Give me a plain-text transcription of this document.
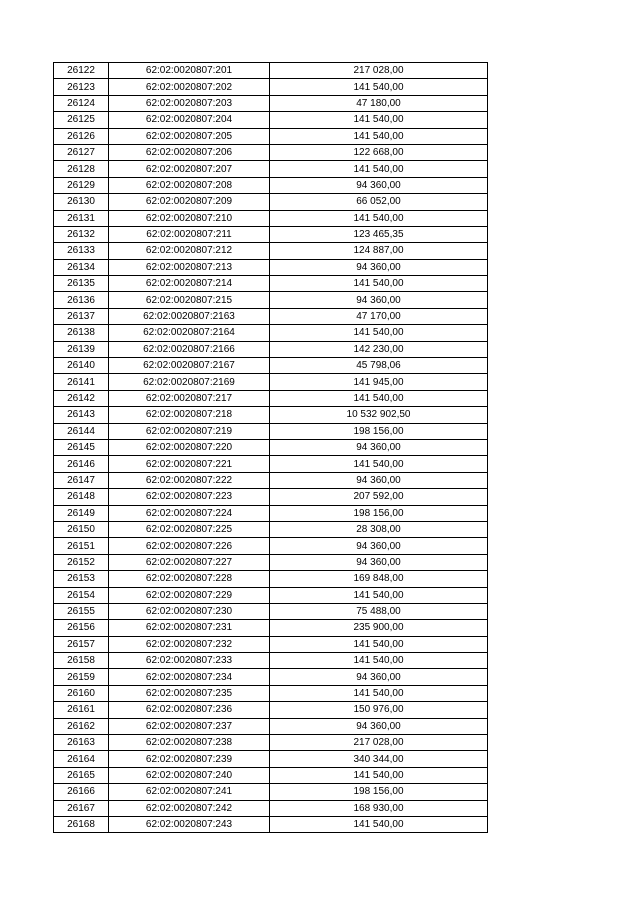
26122	62:02:0020807:201	217 028,00
26123	62:02:0020807:202	141 540,00
26124	62:02:0020807:203	47 180,00
26125	62:02:0020807:204	141 540,00
26126	62:02:0020807:205	141 540,00
26127	62:02:0020807:206	122 668,00
26128	62:02:0020807:207	141 540,00
26129	62:02:0020807:208	94 360,00
26130	62:02:0020807:209	66 052,00
26131	62:02:0020807:210	141 540,00
26132	62:02:0020807:211	123 465,35
26133	62:02:0020807:212	124 887,00
26134	62:02:0020807:213	94 360,00
26135	62:02:0020807:214	141 540,00
26136	62:02:0020807:215	94 360,00
26137	62:02:0020807:2163	47 170,00
26138	62:02:0020807:2164	141 540,00
26139	62:02:0020807:2166	142 230,00
26140	62:02:0020807:2167	45 798,06
26141	62:02:0020807:2169	141 945,00
26142	62:02:0020807:217	141 540,00
26143	62:02:0020807:218	10 532 902,50
26144	62:02:0020807:219	198 156,00
26145	62:02:0020807:220	94 360,00
26146	62:02:0020807:221	141 540,00
26147	62:02:0020807:222	94 360,00
26148	62:02:0020807:223	207 592,00
26149	62:02:0020807:224	198 156,00
26150	62:02:0020807:225	28 308,00
26151	62:02:0020807:226	94 360,00
26152	62:02:0020807:227	94 360,00
26153	62:02:0020807:228	169 848,00
26154	62:02:0020807:229	141 540,00
26155	62:02:0020807:230	75 488,00
26156	62:02:0020807:231	235 900,00
26157	62:02:0020807:232	141 540,00
26158	62:02:0020807:233	141 540,00
26159	62:02:0020807:234	94 360,00
26160	62:02:0020807:235	141 540,00
26161	62:02:0020807:236	150 976,00
26162	62:02:0020807:237	94 360,00
26163	62:02:0020807:238	217 028,00
26164	62:02:0020807:239	340 344,00
26165	62:02:0020807:240	141 540,00
26166	62:02:0020807:241	198 156,00
26167	62:02:0020807:242	168 930,00
26168	62:02:0020807:243	141 540,00
